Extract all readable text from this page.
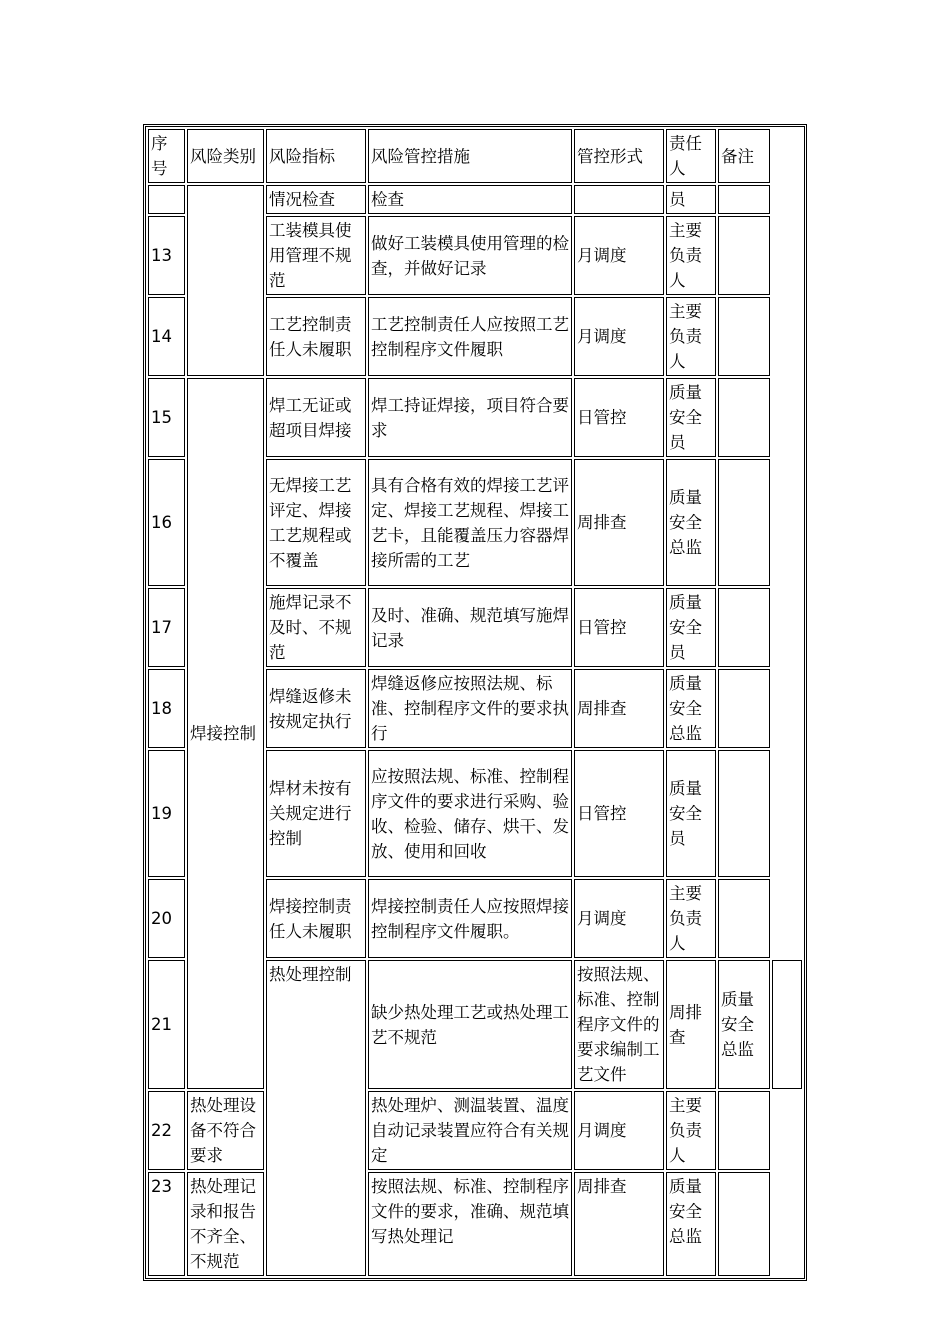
序号	风险类别	风险指标	风险管控措施	管控形式	责任人	备注	
		情况检查	检查		员		
13		工装模具使用管理不规范	做好工装模具使用管理的检查，并做好记录	月调度	主要负责人		
14		工艺控制责任人未履职	工艺控制责任人应按照工艺控制程序文件履职	月调度	主要负责人		
15	焊接控制	焊工无证或超项目焊接	焊工持证焊接，项目符合要求	日管控	质量安全员		
16		无焊接工艺评定、焊接工艺规程或不覆盖	具有合格有效的焊接工艺评定、焊接工艺规程、焊接工艺卡，且能覆盖压力容器焊接所需的工艺	周排查	质量安全总监		
17		施焊记录不及时、不规范	及时、准确、规范填写施焊记录	日管控	质量安全员		
18		焊缝返修未按规定执行	焊缝返修应按照法规、标准、控制程序文件的要求执行	周排查	质量安全总监		
19		焊材未按有关规定进行控制	应按照法规、标准、控制程序文件的要求进行采购、验收、检验、储存、烘干、发放、使用和回收	日管控	质量安全员		
20		焊接控制责任人未履职	焊接控制责任人应按照焊接控制程序文件履职。	月调度	主要负责人		
21		热处理控制	缺少热处理工艺或热处理工艺不规范	按照法规、标准、控制程序文件的要求编制工艺文件	周排查	质量安全总监	
22	热处理设备不符合要求		热处理炉、测温装置、温度自动记录装置应符合有关规定	月调度	主要负责人		
23	热处理记录和报告不齐全、不规范		按照法规、标准、控制程序文件的要求，准确、规范填写热处理记	周排查	质量安全总监		
